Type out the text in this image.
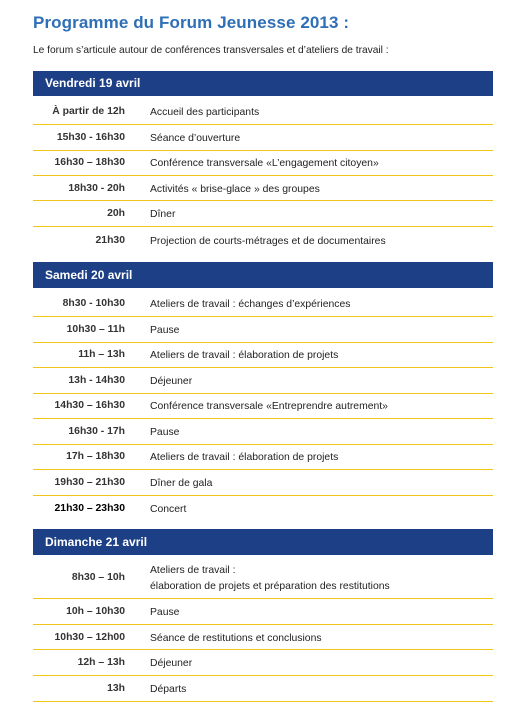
Programme du Forum Jeunesse 2013 :
Le forum s’articule autour de conférences transversales et d’ateliers de travail :
Vendredi 19 avril
À partir de 12h Accueil des participants
15h30 - 16h30 Séance d’ouverture
16h30 – 18h30 Conférence transversale «L’engagement citoyen»
18h30 - 20h Activités « brise-glace » des groupes
20h Dîner
21h30 Projection de courts-métrages et de documentaires
Samedi 20 avril
8h30 - 10h30 Ateliers de travail : échanges d’expériences
10h30 – 11h Pause
11h – 13h Ateliers de travail : élaboration de projets
13h - 14h30 Déjeuner
14h30 – 16h30 Conférence transversale «Entreprendre autrement»
16h30 - 17h Pause
17h – 18h30 Ateliers de travail : élaboration de projets
19h30 – 21h30 Dîner de gala
21h30 – 23h30 Concert
Dimanche 21 avril
8h30 – 10h
Ateliers de travail :
élaboration de projets et préparation des restitutions
10h – 10h30 Pause
10h30 – 12h00 Séance de restitutions et conclusions
12h – 13h Déjeuner
13h Départs
